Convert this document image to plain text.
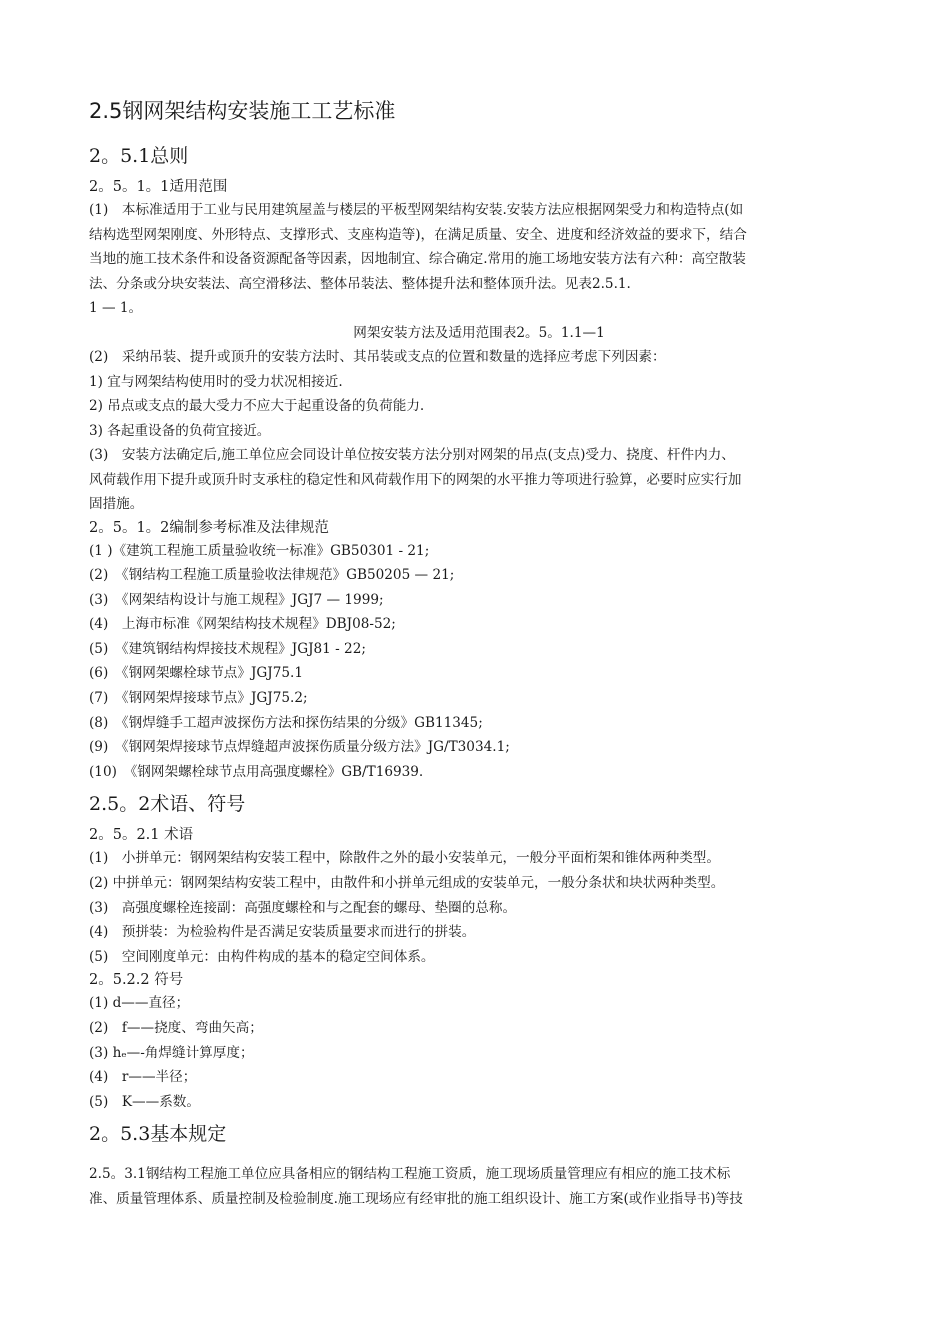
2.5钢网架结构安装施工工艺标准
2。5.1总则
2。5。1。1适用范围
(1)　本标准适用于工业与民用建筑屋盖与楼层的平板型网架结构安装.安装方法应根据网架受力和构造特点(如
结构选型网架刚度、外形特点、支撑形式、支座构造等)，在满足质量、安全、进度和经济效益的要求下，结合
当地的施工技术条件和设备资源配备等因素，因地制宜、综合确定.常用的施工场地安装方法有六种：高空散装
法、分条或分块安装法、高空滑移法、整体吊装法、整体提升法和整体顶升法。见表2.5.1.
1 — 1。
网架安装方法及适用范围表2。5。1.1—1
(2)　采纳吊装、提升或顶升的安装方法时、其吊装或支点的位置和数量的选择应考虑下列因素：
1) 宜与网架结构使用时的受力状况相接近.
2) 吊点或支点的最大受力不应大于起重设备的负荷能力.
3) 各起重设备的负荷宜接近。
(3)　安装方法确定后,施工单位应会同设计单位按安装方法分别对网架的吊点(支点)受力、挠度、杆件内力、
风荷载作用下提升或顶升时支承柱的稳定性和风荷载作用下的网架的水平推力等项进行验算，必要时应实行加
固措施。
2。5。1。2编制参考标准及法律规范
(1 )《建筑工程施工质量验收统一标准》GB50301 - 21;
(2)　《钢结构工程施工质量验收法律规范》GB50205 — 21;
(3)　《网架结构设计与施工规程》JGJ7 — 1999;
(4)　上海市标准《网架结构技术规程》DBJ08-52;
(5)　《建筑钢结构焊接技术规程》JGJ81 - 22;
(6)　《钢网架螺栓球节点》JGJ75.1
(7)　《钢网架焊接球节点》JGJ75.2;
(8)　《钢焊缝手工超声波探伤方法和探伤结果的分级》GB11345;
(9)　《钢网架焊接球节点焊缝超声波探伤质量分级方法》JG/T3034.1;
(10)　《钢网架螺栓球节点用高强度螺栓》GB/T16939.
2.5。2术语、符号
2。5。2.1 术语
(1)　小拼单元：钢网架结构安装工程中，除散件之外的最小安装单元，一般分平面桁架和锥体两种类型。
(2) 中拼单元：钢网架结构安装工程中，由散件和小拼单元组成的安装单元，一般分条状和块状两种类型。
(3)　高强度螺栓连接副：高强度螺栓和与之配套的螺母、垫圈的总称。
(4)　预拼装：为检验构件是否满足安装质量要求而进行的拼装。
(5)　空间刚度单元：由构件构成的基本的稳定空间体系。
2。5.2.2 符号
(1) d——直径；
(2)　f——挠度、弯曲矢高；
(3) hₑ—-角焊缝计算厚度；
(4)　r——半径；
(5)　K——系数。
2。5.3基本规定
2.5。3.1钢结构工程施工单位应具备相应的钢结构工程施工资质，施工现场质量管理应有相应的施工技术标
准、质量管理体系、质量控制及检验制度.施工现场应有经审批的施工组织设计、施工方案(或作业指导书)等技
